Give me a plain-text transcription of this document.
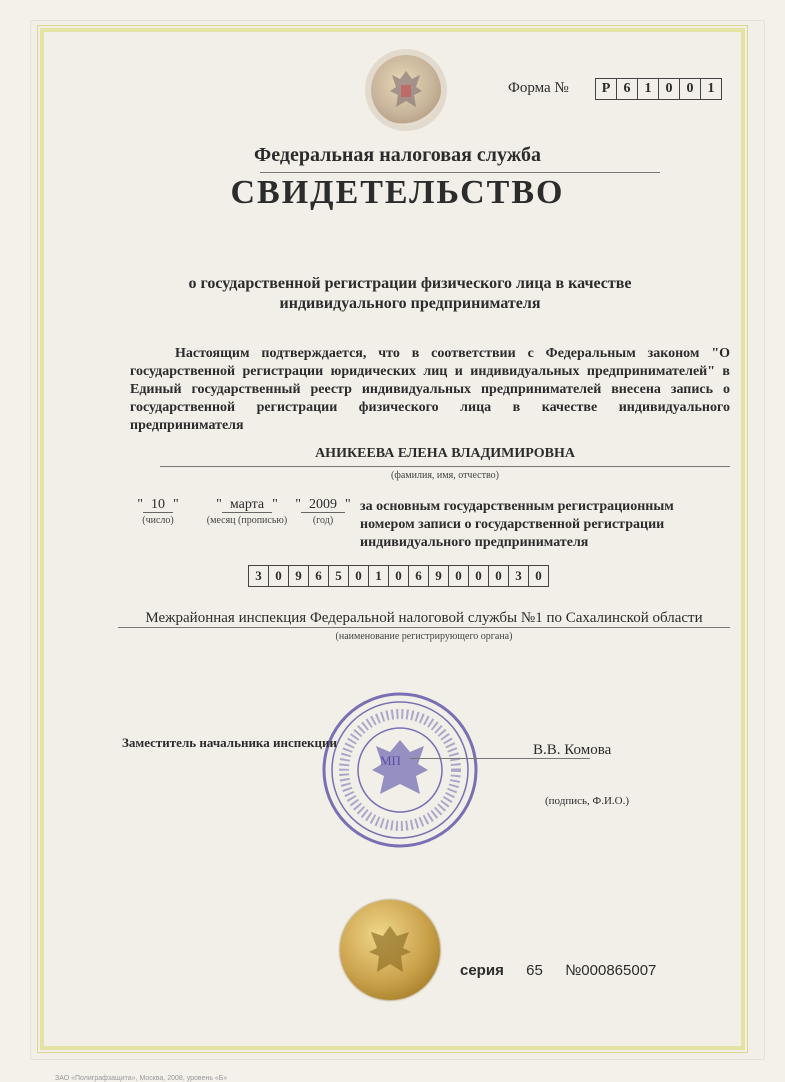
Форма №	Р 6	1	0	0	1
Федеральная налоговая служба
СВИДЕТЕЛЬСТВО
о государственной регистрации физического лица в качестве индивидуального предпринимателя
Настоящим подтверждается, что в соответствии с Федеральным законом "О государственной регистрации юридических лиц и индивидуальных предпринимателей" в Единый государственный реестр индивидуальных предпринимателей внесена запись о государственной регистрации физического лица в качестве индивидуального предпринимателя
АНИКЕЕВА ЕЛЕНА ВЛАДИМИРОВНА
(фамилия, имя, отчество)
" 10 "
(число)
" марта "
(месяц (прописью)
" 2009 "
(год)
за основным государственным регистрационным номером записи о государственной регистрации индивидуального предпринимателя
3	0	9	6	5	0	1	0	6	9	0	0	0	3	0
Межрайонная инспекция Федеральной налоговой службы №1 по Сахалинской области
(наименование регистрирующего органа)
МП
Заместитель начальника инспекции	В.В. Комова
(подпись, Ф.И.О.)
серия 65 №000865007
ЗАО «Полиграфзащита», Москва, 2008, уровень «Б»
